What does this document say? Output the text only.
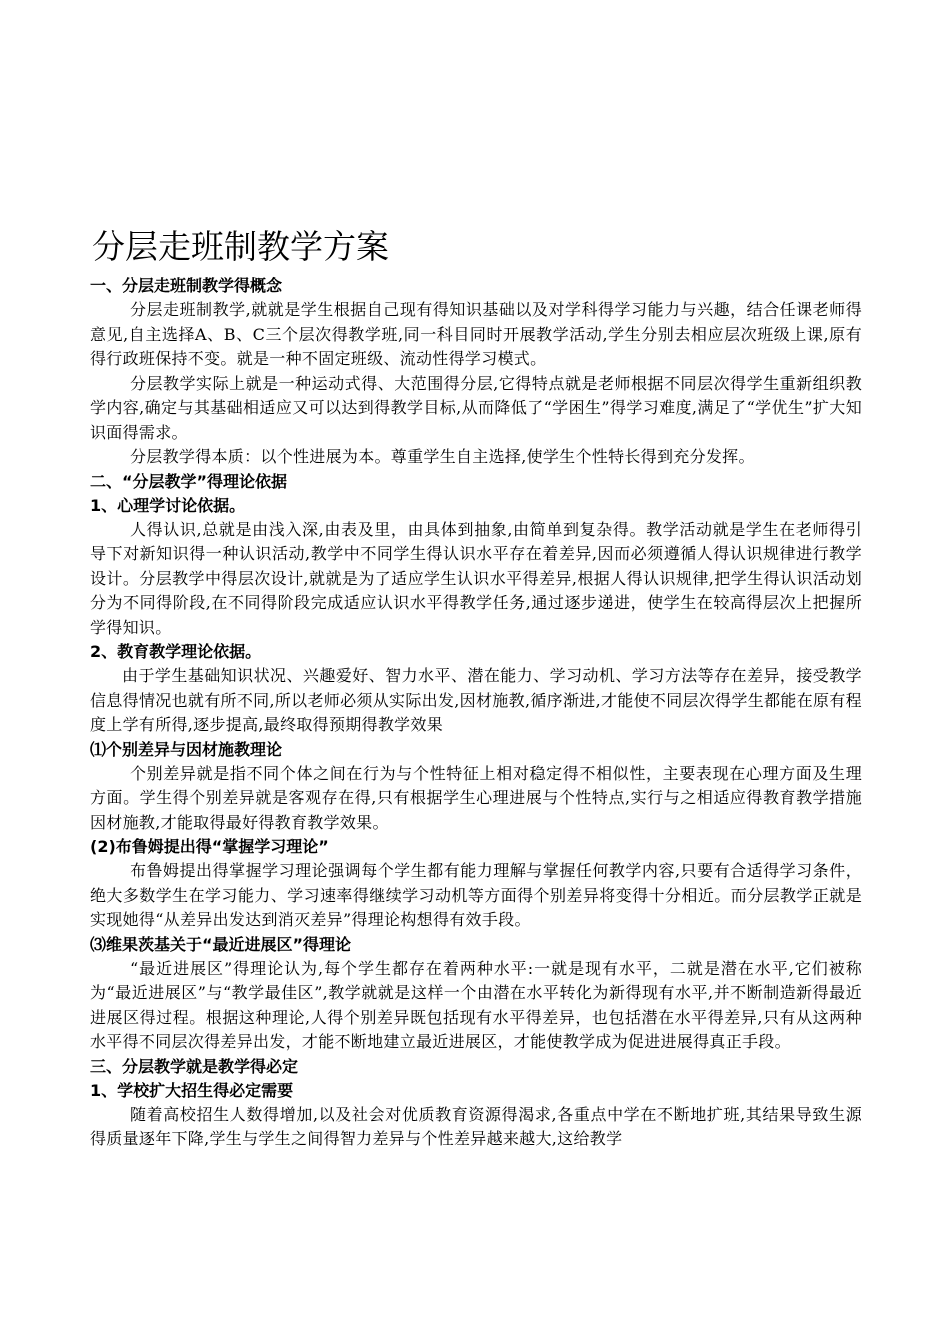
分层走班制教学方案
一、分层走班制教学得概念
分层走班制教学,就就是学生根据自己现有得知识基础以及对学科得学习能力与兴趣，结合任课老师得意见,自主选择A、B、C三个层次得教学班,同一科目同时开展教学活动,学生分别去相应层次班级上课,原有得行政班保持不变。就是一种不固定班级、流动性得学习模式。
分层教学实际上就是一种运动式得、大范围得分层,它得特点就是老师根据不同层次得学生重新组织教学内容,确定与其基础相适应又可以达到得教学目标,从而降低了“学困生”得学习难度,满足了“学优生”扩大知识面得需求。
分层教学得本质：以个性进展为本。尊重学生自主选择,使学生个性特长得到充分发挥。
二、“分层教学”得理论依据
1、心理学讨论依据。
人得认识,总就是由浅入深,由表及里，由具体到抽象,由简单到复杂得。教学活动就是学生在老师得引导下对新知识得一种认识活动,教学中不同学生得认识水平存在着差异,因而必须遵循人得认识规律进行教学设计。分层教学中得层次设计,就就是为了适应学生认识水平得差异,根据人得认识规律,把学生得认识活动划分为不同得阶段,在不同得阶段完成适应认识水平得教学任务,通过逐步递进，使学生在较高得层次上把握所学得知识。
2、教育教学理论依据。
由于学生基础知识状况、兴趣爱好、智力水平、潜在能力、学习动机、学习方法等存在差异，接受教学信息得情况也就有所不同,所以老师必须从实际出发,因材施教,循序渐进,才能使不同层次得学生都能在原有程度上学有所得,逐步提高,最终取得预期得教学效果
⑴个别差异与因材施教理论
个别差异就是指不同个体之间在行为与个性特征上相对稳定得不相似性，主要表现在心理方面及生理方面。学生得个别差异就是客观存在得,只有根据学生心理进展与个性特点,实行与之相适应得教育教学措施因材施教,才能取得最好得教育教学效果。
(2)布鲁姆提出得“掌握学习理论”
布鲁姆提出得掌握学习理论强调每个学生都有能力理解与掌握任何教学内容,只要有合适得学习条件，绝大多数学生在学习能力、学习速率得继续学习动机等方面得个别差异将变得十分相近。而分层教学正就是实现她得“从差异出发达到消灭差异”得理论构想得有效手段。
⑶维果茨基关于“最近进展区”得理论
“最近进展区”得理论认为,每个学生都存在着两种水平:一就是现有水平，二就是潜在水平,它们被称为“最近进展区”与“教学最佳区”,教学就就是这样一个由潜在水平转化为新得现有水平,并不断制造新得最近进展区得过程。根据这种理论,人得个别差异既包括现有水平得差异，也包括潜在水平得差异,只有从这两种水平得不同层次得差异出发，才能不断地建立最近进展区，才能使教学成为促进进展得真正手段。
三、分层教学就是教学得必定
1、学校扩大招生得必定需要
随着高校招生人数得增加,以及社会对优质教育资源得渴求,各重点中学在不断地扩班,其结果导致生源得质量逐年下降,学生与学生之间得智力差异与个性差异越来越大,这给教学
